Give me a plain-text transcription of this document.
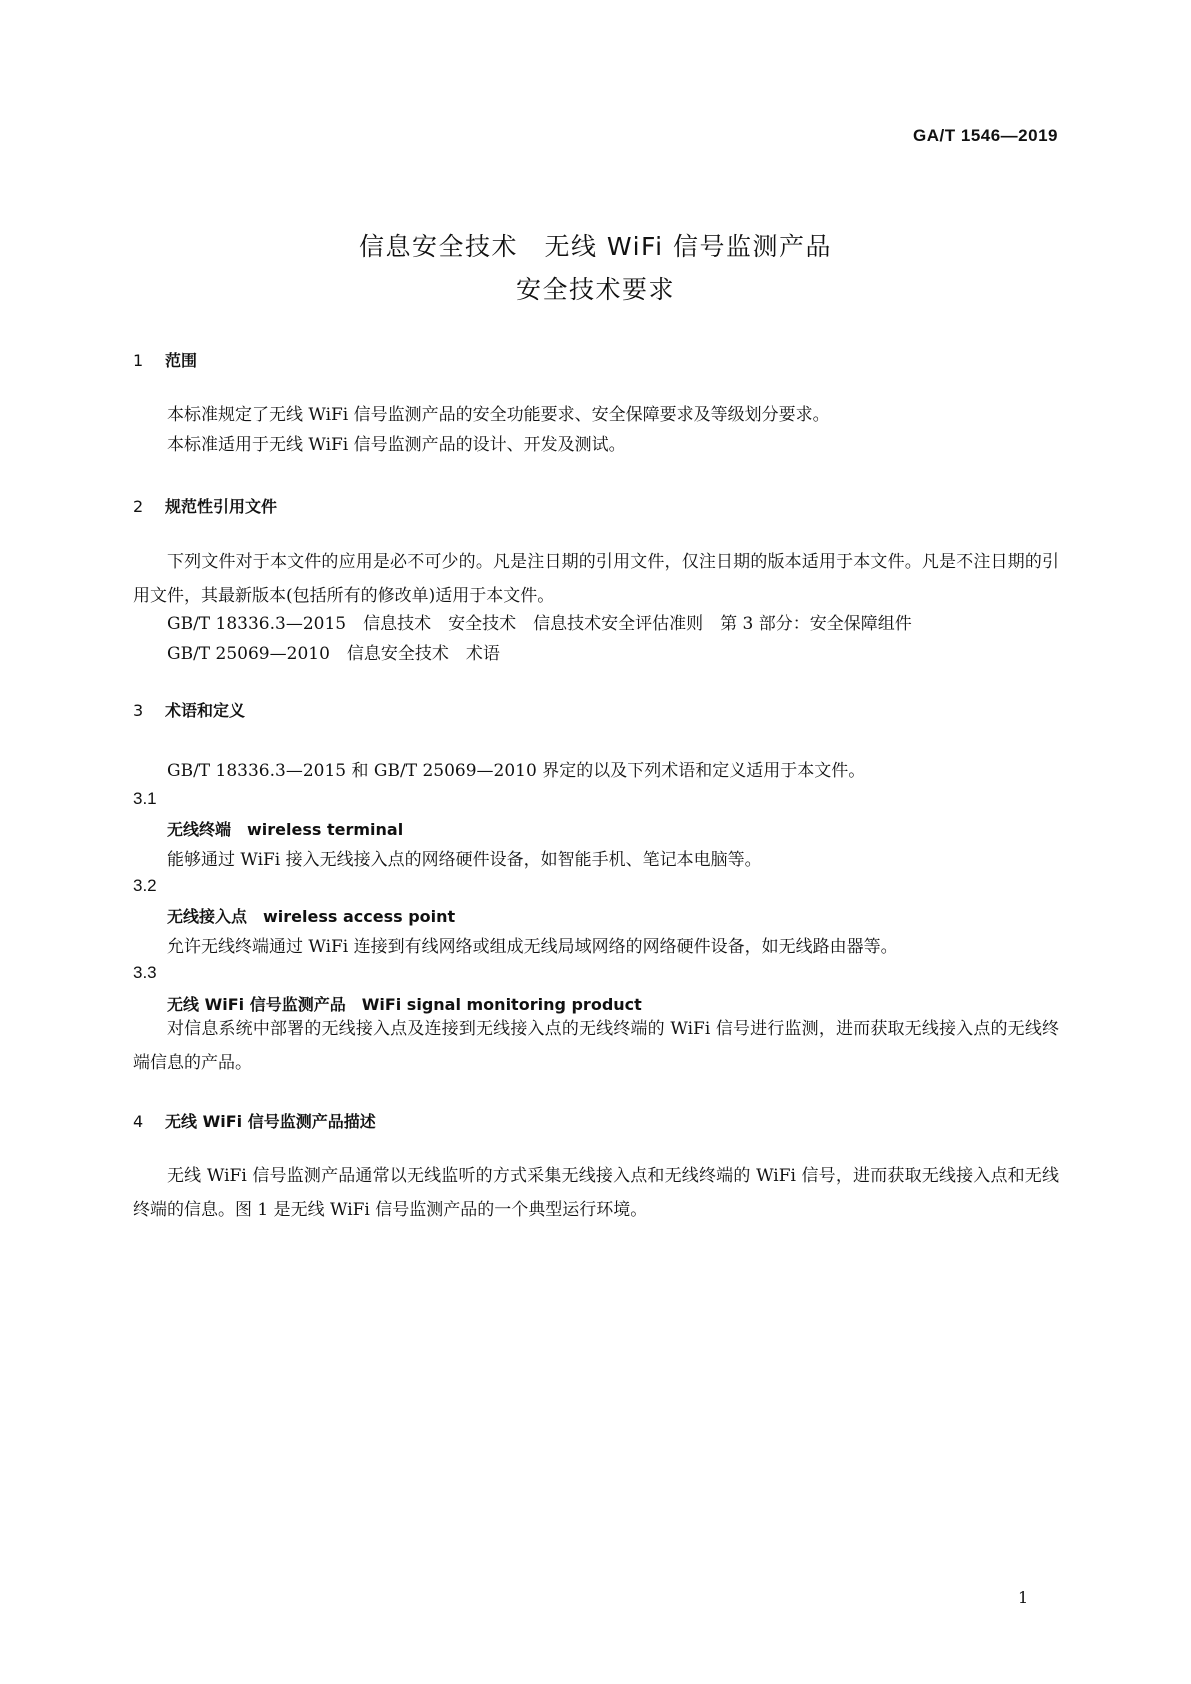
GA/T 1546—2019
信息安全技术　无线 WiFi 信号监测产品
安全技术要求
1 范围
本标准规定了无线 WiFi 信号监测产品的安全功能要求、安全保障要求及等级划分要求。
本标准适用于无线 WiFi 信号监测产品的设计、开发及测试。
2 规范性引用文件
下列文件对于本文件的应用是必不可少的。凡是注日期的引用文件，仅注日期的版本适用于本文件。凡是不注日期的引用文件，其最新版本(包括所有的修改单)适用于本文件。
GB/T 18336.3—2015　信息技术　安全技术　信息技术安全评估准则　第 3 部分：安全保障组件
GB/T 25069—2010　信息安全技术　术语
3 术语和定义
GB/T 18336.3—2015 和 GB/T 25069—2010 界定的以及下列术语和定义适用于本文件。
3.1
无线终端　wireless terminal
能够通过 WiFi 接入无线接入点的网络硬件设备，如智能手机、笔记本电脑等。
3.2
无线接入点　wireless access point
允许无线终端通过 WiFi 连接到有线网络或组成无线局域网络的网络硬件设备，如无线路由器等。
3.3
无线 WiFi 信号监测产品　WiFi signal monitoring product
对信息系统中部署的无线接入点及连接到无线接入点的无线终端的 WiFi 信号进行监测，进而获取无线接入点的无线终端信息的产品。
4 无线 WiFi 信号监测产品描述
无线 WiFi 信号监测产品通常以无线监听的方式采集无线接入点和无线终端的 WiFi 信号，进而获取无线接入点和无线终端的信息。图 1 是无线 WiFi 信号监测产品的一个典型运行环境。
1
